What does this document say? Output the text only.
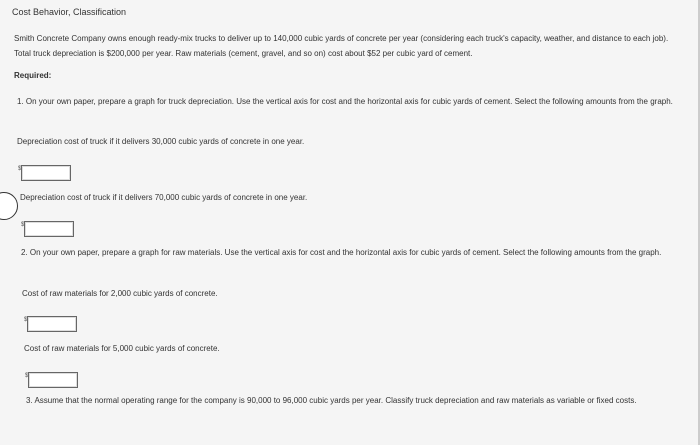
Cost Behavior, Classification
Smith Concrete Company owns enough ready-mix trucks to deliver up to 140,000 cubic yards of concrete per year (considering each truck's capacity, weather, and distance to each job). Total truck depreciation is $200,000 per year. Raw materials (cement, gravel, and so on) cost about $52 per cubic yard of cement.
Required:
1. On your own paper, prepare a graph for truck depreciation. Use the vertical axis for cost and the horizontal axis for cubic yards of cement. Select the following amounts from the graph.
Depreciation cost of truck if it delivers 30,000 cubic yards of concrete in one year.
$
Depreciation cost of truck if it delivers 70,000 cubic yards of concrete in one year.
$
2. On your own paper, prepare a graph for raw materials. Use the vertical axis for cost and the horizontal axis for cubic yards of cement. Select the following amounts from the graph.
Cost of raw materials for 2,000 cubic yards of concrete.
$
Cost of raw materials for 5,000 cubic yards of concrete.
$
3. Assume that the normal operating range for the company is 90,000 to 96,000 cubic yards per year. Classify truck depreciation and raw materials as variable or fixed costs.
